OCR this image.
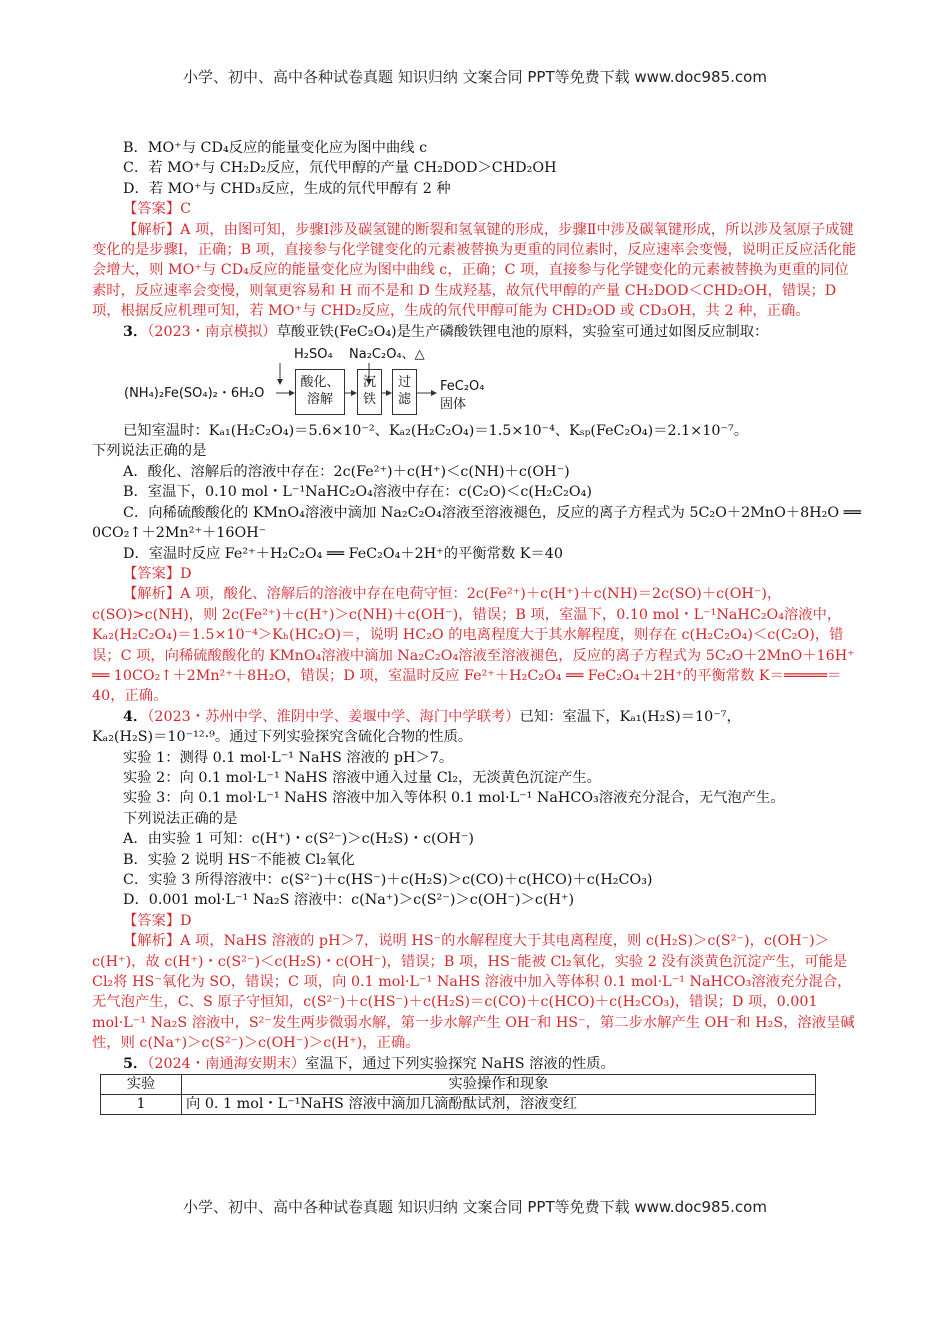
小学、初中、高中各种试卷真题 知识归纳 文案合同 PPT等免费下载 www.doc985.com

B．MO⁺与 CD₄反应的能量变化应为图中曲线 c

C．若 MO⁺与 CH₂D₂反应，氘代甲醇的产量 CH₂DOD＞CHD₂OH

D．若 MO⁺与 CHD₃反应，生成的氘代甲醇有 2 种

【答案】C

【解析】A 项，由图可知，步骤Ⅰ涉及碳氢键的断裂和氢氧键的形成，步骤Ⅱ中涉及碳氧键形成，所以涉及氢原子成键变化的是步骤Ⅰ，正确；B 项，直接参与化学键变化的元素被替换为更重的同位素时，反应速率会变慢，说明正反应活化能会增大，则 MO⁺与 CD₄反应的能量变化应为图中曲线 c，正确；C 项，直接参与化学键变化的元素被替换为更重的同位素时，反应速率会变慢，则氧更容易和 H 而不是和 D 生成羟基，故氘代甲醇的产量 CH₂DOD＜CHD₂OH，错误；D 项，根据反应机理可知，若 MO⁺与 CHD₂反应，生成的氘代甲醇可能为 CHD₂OD 或 CD₃OH，共 2 种，正确。

3．（2023・南京模拟）草酸亚铁(FeC₂O₄)是生产磷酸铁锂电池的原料，实验室可通过如图反应制取：

H₂SO₄ Na₂C₂O₄、△
(NH₄)₂Fe(SO₄)₂・6H₂O
酸化、
溶解
沉
铁
过
滤
FeC₂O₄
固体

已知室温时：Kₐ₁(H₂C₂O₄)＝5.6×10⁻²、Kₐ₂(H₂C₂O₄)＝1.5×10⁻⁴、Kₛₚ(FeC₂O₄)＝2.1×10⁻⁷。

下列说法正确的是

A．酸化、溶解后的溶液中存在：2c(Fe²⁺)＋c(H⁺)＜c(NH)＋c(OH⁻)

B．室温下，0.10 mol・L⁻¹NaHC₂O₄溶液中存在：c(C₂O)＜c(H₂C₂O₄)

C．向稀硫酸酸化的 KMnO₄溶液中滴加 Na₂C₂O₄溶液至溶液褪色，反应的离子方程式为 5C₂O＋2MnO＋8H₂O ══ 0CO₂↑＋2Mn²⁺＋16OH⁻

D．室温时反应 Fe²⁺＋H₂C₂O₄ ══ FeC₂O₄＋2H⁺的平衡常数 K＝40

【答案】D

【解析】A 项，酸化、溶解后的溶液中存在电荷守恒：2c(Fe²⁺)＋c(H⁺)＋c(NH)＝2c(SO)＋c(OH⁻)，c(SO)>c(NH)，则 2c(Fe²⁺)＋c(H⁺)＞c(NH)＋c(OH⁻)，错误；B 项，室温下，0.10 mol・L⁻¹NaHC₂O₄溶液中，Kₐ₂(H₂C₂O₄)＝1.5×10⁻⁴＞Kₕ(HC₂O)＝，说明 HC₂O 的电离程度大于其水解程度，则存在 c(H₂C₂O₄)＜c(C₂O)，错误；C 项，向稀硫酸酸化的 KMnO₄溶液中滴加 Na₂C₂O₄溶液至溶液褪色，反应的离子方程式为 5C₂O＋2MnO＋16H⁺ ══ 10CO₂↑＋2Mn²⁺＋8H₂O，错误；D 项，室温时反应 Fe²⁺＋H₂C₂O₄ ══ FeC₂O₄＋2H⁺的平衡常数 K＝═════＝40，正确。

4．（2023・苏州中学、淮阴中学、姜堰中学、海门中学联考）已知：室温下，Kₐ₁(H₂S)＝10⁻⁷，

Kₐ₂(H₂S)＝10⁻¹²·⁹。通过下列实验探究含硫化合物的性质。

实验 1：测得 0.1 mol·L⁻¹ NaHS 溶液的 pH＞7。

实验 2：向 0.1 mol·L⁻¹ NaHS 溶液中通入过量 Cl₂，无淡黄色沉淀产生。

实验 3：向 0.1 mol·L⁻¹ NaHS 溶液中加入等体积 0.1 mol·L⁻¹ NaHCO₃溶液充分混合，无气泡产生。

下列说法正确的是

A．由实验 1 可知：c(H⁺)・c(S²⁻)＞c(H₂S)・c(OH⁻)

B．实验 2 说明 HS⁻不能被 Cl₂氧化

C．实验 3 所得溶液中：c(S²⁻)＋c(HS⁻)＋c(H₂S)＞c(CO)＋c(HCO)＋c(H₂CO₃)

D．0.001 mol·L⁻¹ Na₂S 溶液中：c(Na⁺)＞c(S²⁻)＞c(OH⁻)＞c(H⁺)

【答案】D

【解析】A 项，NaHS 溶液的 pH＞7，说明 HS⁻的水解程度大于其电离程度，则 c(H₂S)＞c(S²⁻)，c(OH⁻)＞c(H⁺)，故 c(H⁺)・c(S²⁻)＜c(H₂S)・c(OH⁻)，错误；B 项，HS⁻能被 Cl₂氧化，实验 2 没有淡黄色沉淀产生，可能是 Cl₂将 HS⁻氧化为 SO，错误；C 项，向 0.1 mol·L⁻¹ NaHS 溶液中加入等体积 0.1 mol·L⁻¹ NaHCO₃溶液充分混合，无气泡产生，C、S 原子守恒知，c(S²⁻)＋c(HS⁻)＋c(H₂S)＝c(CO)＋c(HCO)＋c(H₂CO₃)，错误；D 项，0.001 mol·L⁻¹ Na₂S 溶液中，S²⁻发生两步微弱水解，第一步水解产生 OH⁻和 HS⁻，第二步水解产生 OH⁻和 H₂S，溶液呈碱性，则 c(Na⁺)＞c(S²⁻)＞c(OH⁻)＞c(H⁺)，正确。

5．（2024・南通海安期末）室温下，通过下列实验探究 NaHS 溶液的性质。

实验	实验操作和现象
1	向 0. 1 mol・L⁻¹NaHS 溶液中滴加几滴酚酞试剂，溶液变红
小学、初中、高中各种试卷真题 知识归纳 文案合同 PPT等免费下载 www.doc985.com
